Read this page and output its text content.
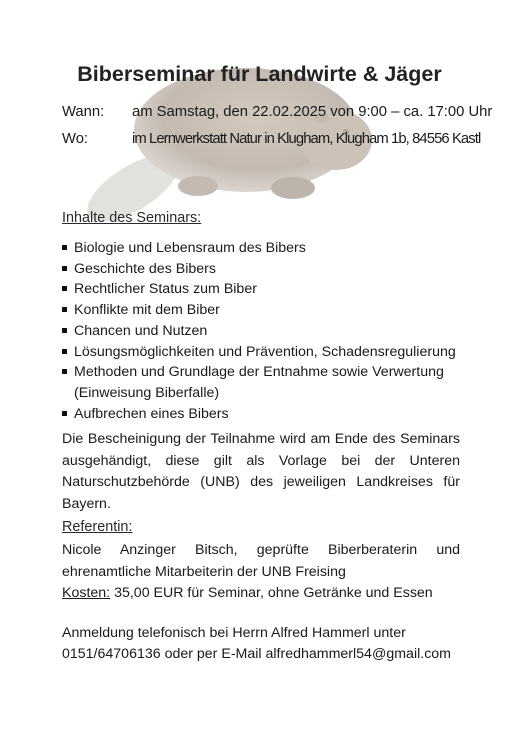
Biberseminar für Landwirte & Jäger
Wann: am Samstag, den 22.02.2025 von 9:00 – ca. 17:00 Uhr
Wo:	im Lernwerkstatt Natur in Klugham, Klugham 1b, 84556 Kastl
Inhalte des Seminars:
Biologie und Lebensraum des Bibers
Geschichte des Bibers
Rechtlicher Status zum Biber
Konflikte mit dem Biber
Chancen und Nutzen
Lösungsmöglichkeiten und Prävention, Schadensregulierung
Methoden und Grundlage der Entnahme sowie Verwertung (Einweisung Biberfalle)
Aufbrechen eines Bibers
Die Bescheinigung der Teilnahme wird am Ende des Seminars ausgehändigt, diese gilt als Vorlage bei der Unteren Naturschutzbehörde (UNB) des jeweiligen Landkreises für Bayern.
Referentin:
Nicole Anzinger Bitsch, geprüfte Biberberaterin und ehrenamtliche Mitarbeiterin der UNB Freising
Kosten: 35,00 EUR für Seminar, ohne Getränke und Essen
Anmeldung telefonisch bei Herrn Alfred Hammerl unter
0151/64706136 oder per E-Mail alfredhammerl54@gmail.com
